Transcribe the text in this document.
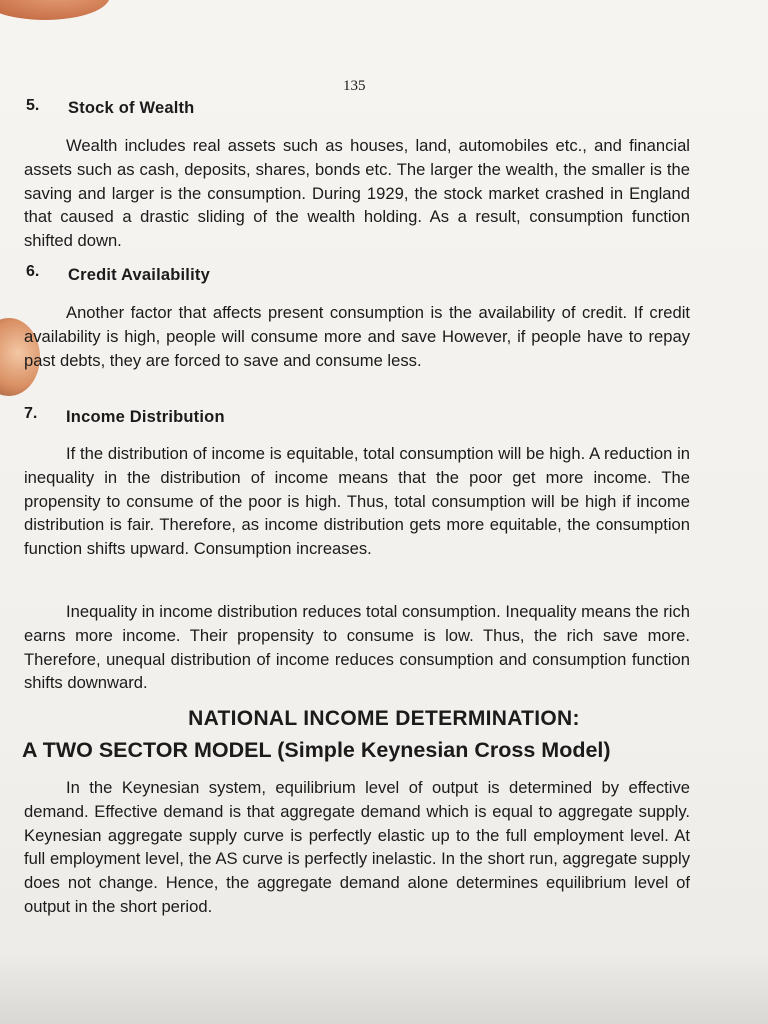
135
5. Stock of Wealth

Wealth includes real assets such as houses, land, automobiles etc., and financial assets such as cash, deposits, shares, bonds etc. The larger the wealth, the smaller is the saving and larger is the consumption. During 1929, the stock market crashed in England that caused a drastic sliding of the wealth holding. As a result, consumption function shifted down.

6. Credit Availability

Another factor that affects present consumption is the availability of credit. If credit availability is high, people will consume more and save However, if people have to repay past debts, they are forced to save and consume less.

7. Income Distribution

If the distribution of income is equitable, total consumption will be high. A reduction in inequality in the distribution of income means that the poor get more income. The propensity to consume of the poor is high. Thus, total consumption will be high if income distribution is fair. Therefore, as income distribution gets more equitable, the consumption function shifts upward. Consumption increases.

Inequality in income distribution reduces total consumption. Inequality means the rich earns more income. Their propensity to consume is low. Thus, the rich save more. Therefore, unequal distribution of income reduces consumption and consumption function shifts downward.

NATIONAL INCOME DETERMINATION:
A TWO SECTOR MODEL (Simple Keynesian Cross Model)

In the Keynesian system, equilibrium level of output is determined by effective demand. Effective demand is that aggregate demand which is equal to aggregate supply. Keynesian aggregate supply curve is perfectly elastic up to the full employment level. At full employment level, the AS curve is perfectly inelastic. In the short run, aggregate supply does not change. Hence, the aggregate demand alone determines equilibrium level of output in the short period.
